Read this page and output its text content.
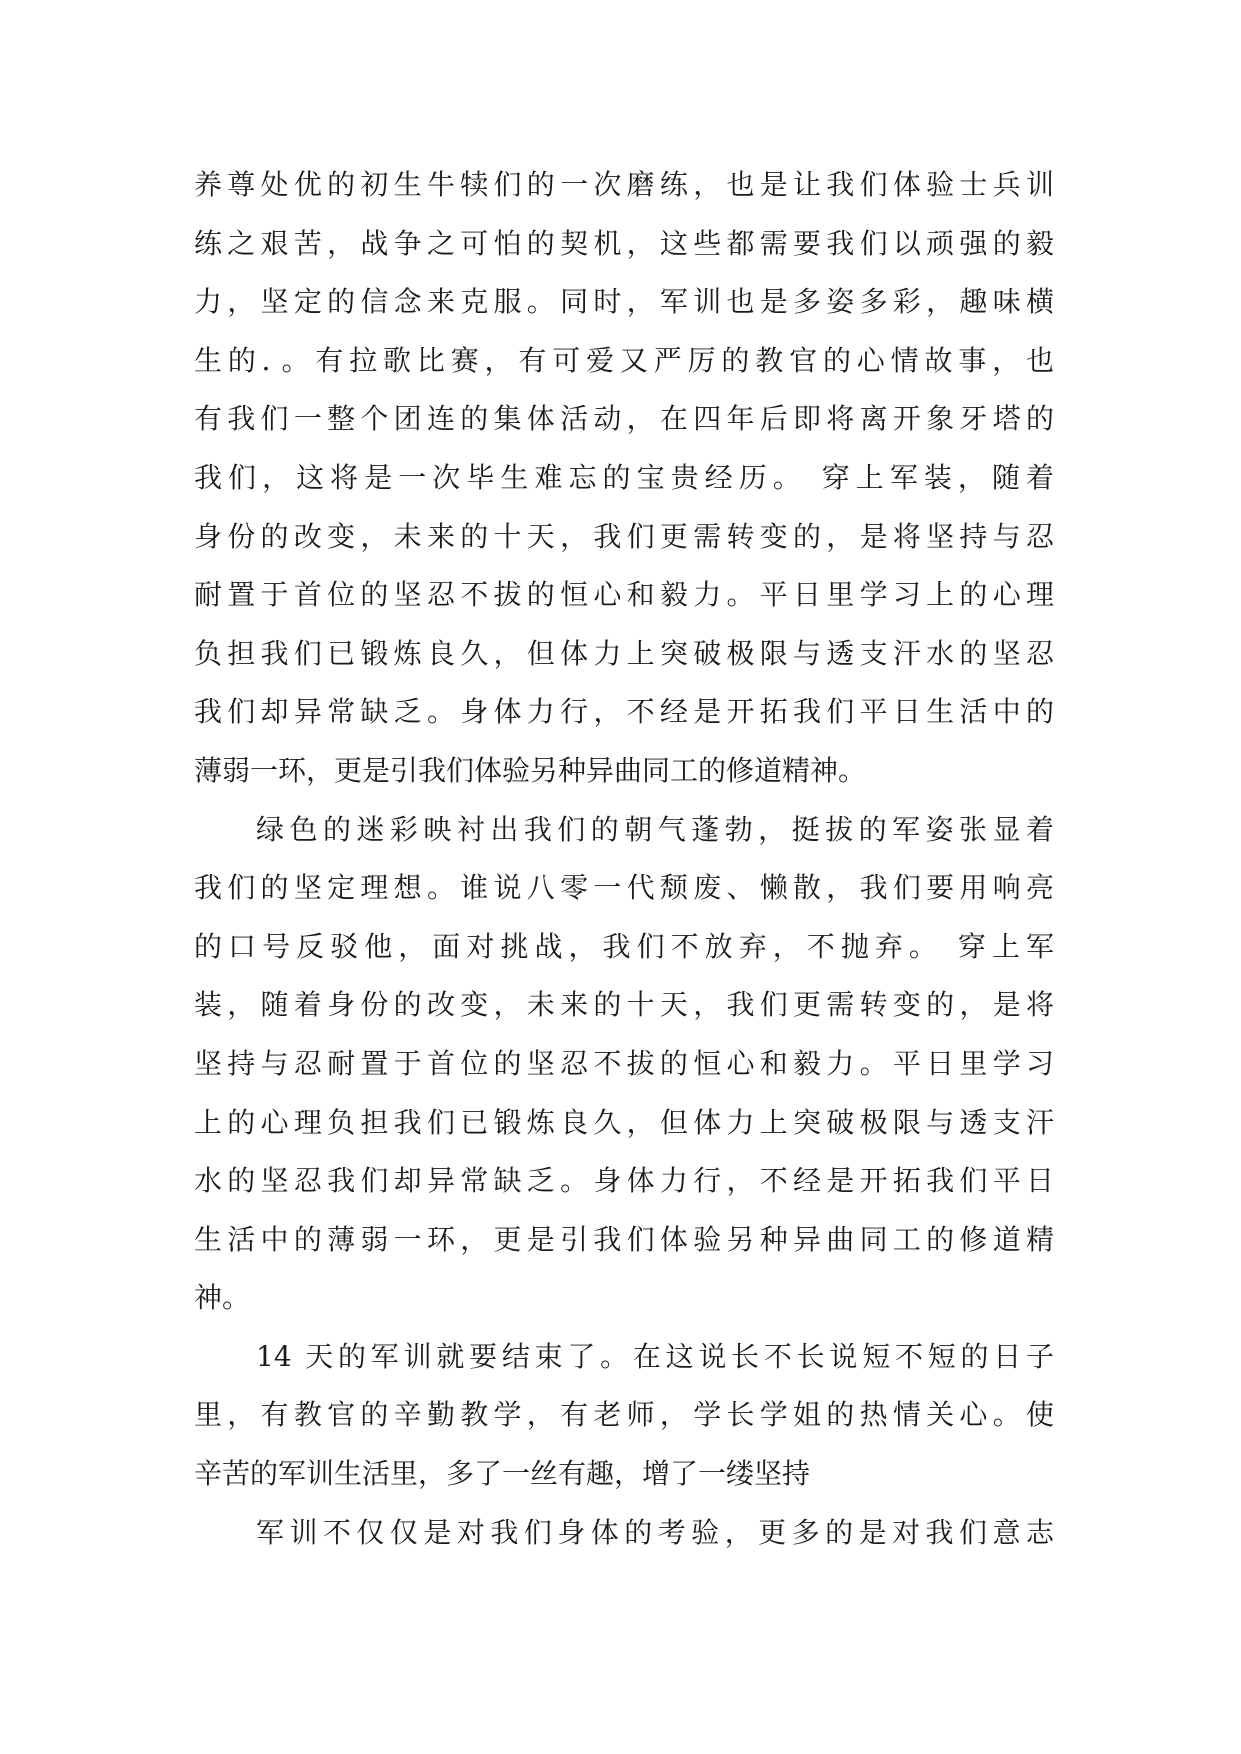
养尊处优的初生牛犊们的一次磨练，也是让我们体验士兵训
练之艰苦，战争之可怕的契机，这些都需要我们以顽强的毅
力，坚定的信念来克服。同时，军训也是多姿多彩，趣味横
生的．。有拉歌比赛，有可爱又严厉的教官的心情故事，也
有我们一整个团连的集体活动，在四年后即将离开象牙塔的
我们，这将是一次毕生难忘的宝贵经历。 穿上军装，随着
身份的改变，未来的十天，我们更需转变的，是将坚持与忍
耐置于首位的坚忍不拔的恒心和毅力。平日里学习上的心理
负担我们已锻炼良久，但体力上突破极限与透支汗水的坚忍
我们却异常缺乏。身体力行，不经是开拓我们平日生活中的
薄弱一环，更是引我们体验另种异曲同工的修道精神。
绿色的迷彩映衬出我们的朝气蓬勃，挺拔的军姿张显着
我们的坚定理想。谁说八零一代颓废、懒散，我们要用响亮
的口号反驳他，面对挑战，我们不放弃，不抛弃。 穿上军
装，随着身份的改变，未来的十天，我们更需转变的，是将
坚持与忍耐置于首位的坚忍不拔的恒心和毅力。平日里学习
上的心理负担我们已锻炼良久，但体力上突破极限与透支汗
水的坚忍我们却异常缺乏。身体力行，不经是开拓我们平日
生活中的薄弱一环，更是引我们体验另种异曲同工的修道精
神。
14 天的军训就要结束了。在这说长不长说短不短的日子
里，有教官的辛勤教学，有老师，学长学姐的热情关心。使
辛苦的军训生活里，多了一丝有趣，增了一缕坚持
军训不仅仅是对我们身体的考验，更多的是对我们意志
